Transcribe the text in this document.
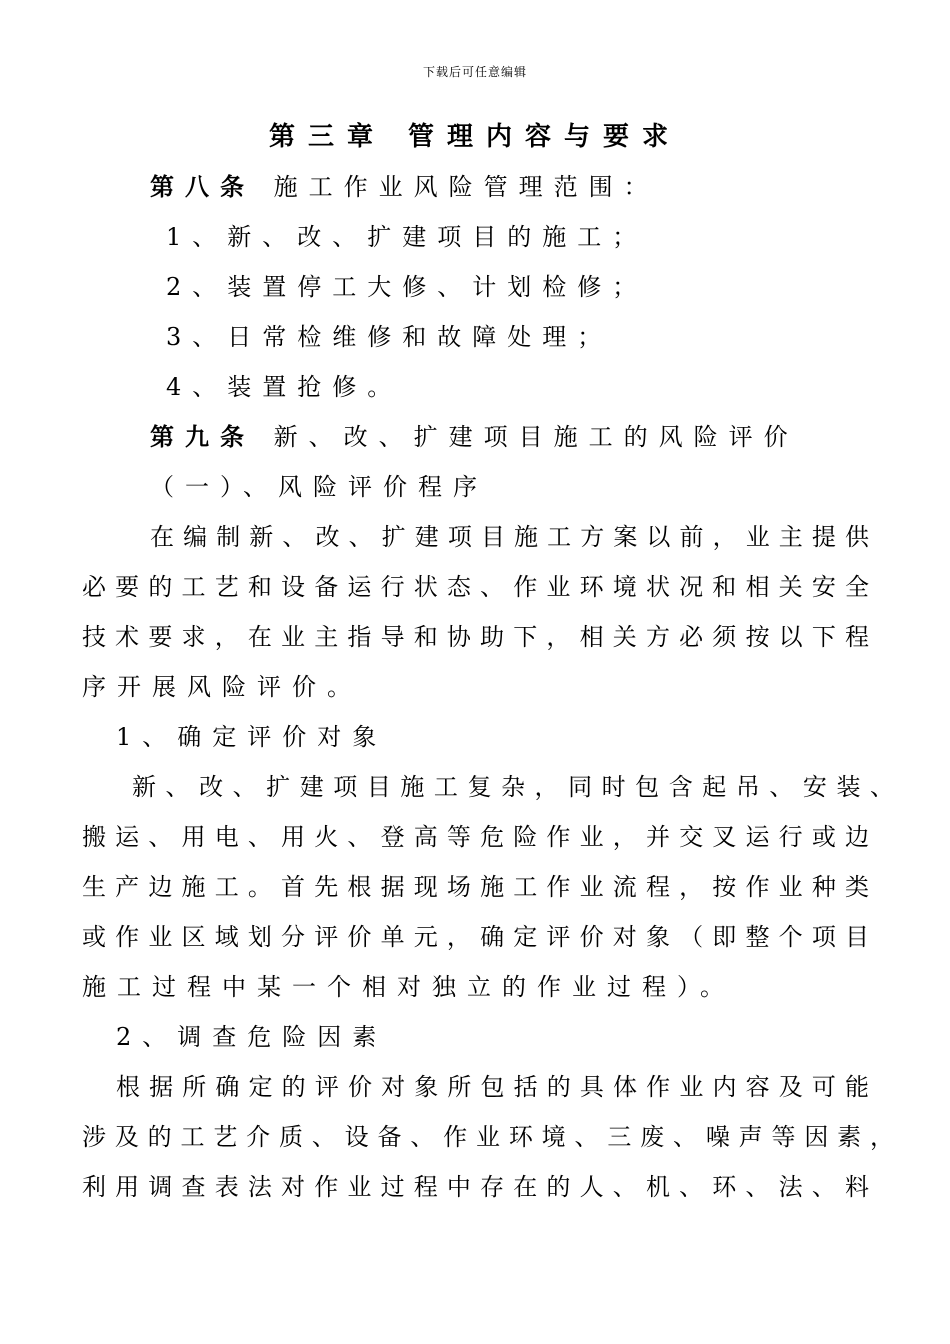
下载后可任意编辑
第三章 管理内容与要求
第八条 施工作业风险管理范围：
1、新、改、扩建项目的施工；
2、装置停工大修、计划检修；
3、日常检维修和故障处理；
4、装置抢修。
第九条 新、改、扩建项目施工的风险评价
（一）、风险评价程序
在编制新、改、扩建项目施工方案以前，业主提供
必要的工艺和设备运行状态、作业环境状况和相关安全
技术要求，在业主指导和协助下，相关方必须按以下程
序开展风险评价。
1、确定评价对象
新、改、扩建项目施工复杂，同时包含起吊、安装、
搬运、用电、用火、登高等危险作业，并交叉运行或边
生产边施工。首先根据现场施工作业流程，按作业种类
或作业区域划分评价单元，确定评价对象（即整个项目
施工过程中某一个相对独立的作业过程）。
2、调查危险因素
根据所确定的评价对象所包括的具体作业内容及可能
涉及的工艺介质、设备、作业环境、三废、噪声等因素，
利用调查表法对作业过程中存在的人、机、环、法、料
